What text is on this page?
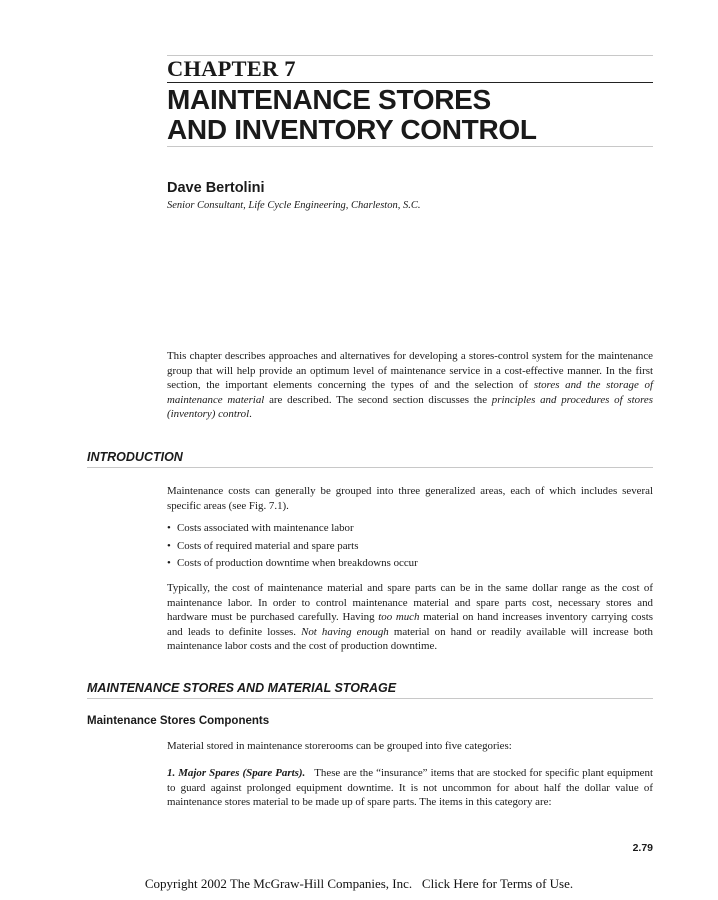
CHAPTER 7
MAINTENANCE STORES
AND INVENTORY CONTROL
Dave Bertolini
Senior Consultant, Life Cycle Engineering, Charleston, S.C.
This chapter describes approaches and alternatives for developing a stores-control system for the maintenance group that will help provide an optimum level of maintenance service in a cost-effective manner. In the first section, the important elements concerning the types of and the selection of stores and the storage of maintenance material are described. The second section discusses the principles and procedures of stores (inventory) control.
INTRODUCTION
Maintenance costs can generally be grouped into three generalized areas, each of which includes several specific areas (see Fig. 7.1).
• Costs associated with maintenance labor
• Costs of required material and spare parts
• Costs of production downtime when breakdowns occur
Typically, the cost of maintenance material and spare parts can be in the same dollar range as the cost of maintenance labor. In order to control maintenance material and spare parts cost, necessary stores and hardware must be purchased carefully. Having too much material on hand increases inventory carrying costs and leads to definite losses. Not having enough material on hand or readily available will increase both maintenance labor costs and the cost of production downtime.
MAINTENANCE STORES AND MATERIAL STORAGE
Maintenance Stores Components
Material stored in maintenance storerooms can be grouped into five categories:
1. Major Spares (Spare Parts). These are the “insurance” items that are stocked for specific plant equipment to guard against prolonged equipment downtime. It is not uncommon for about half the dollar value of maintenance stores material to be made up of spare parts. The items in this category are:
2.79
Copyright 2002 The McGraw-Hill Companies, Inc. Click Here for Terms of Use.
